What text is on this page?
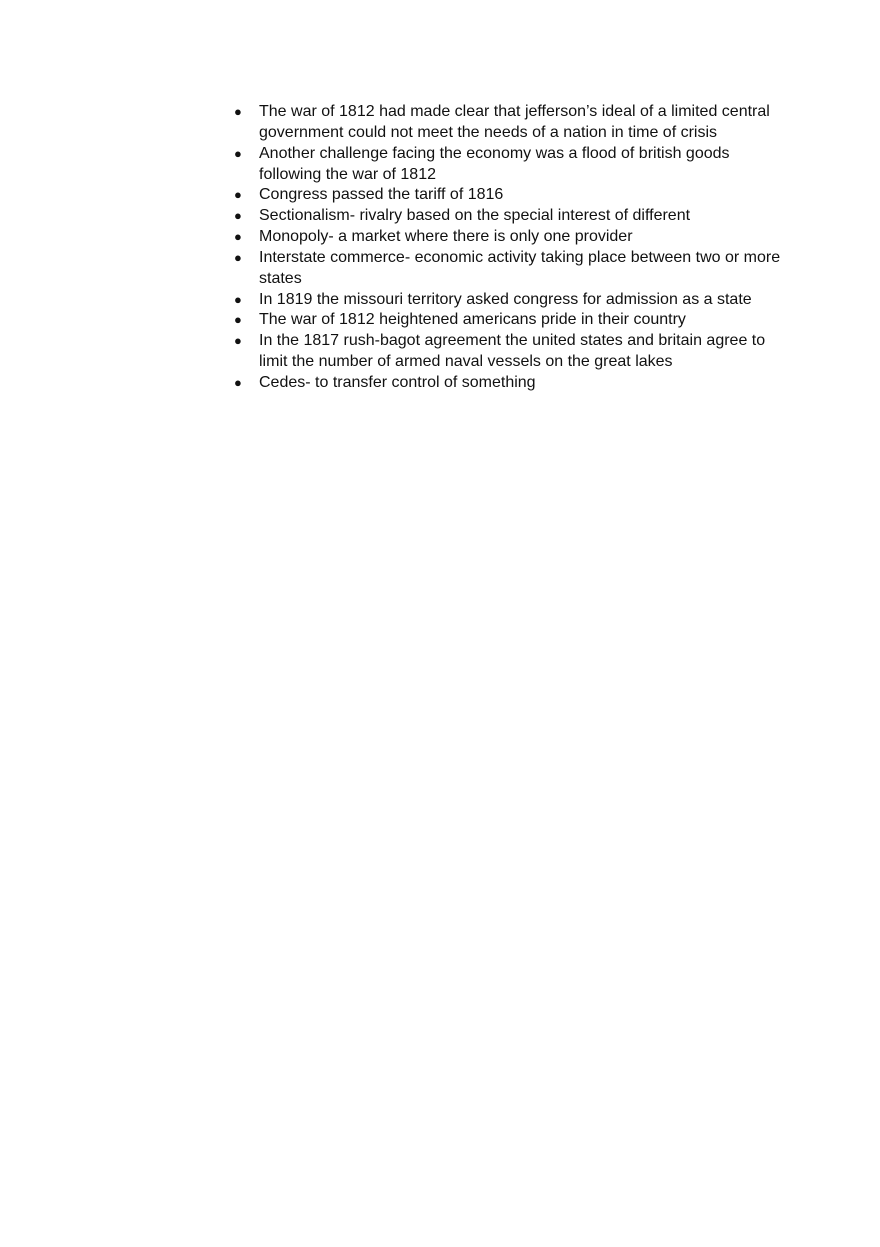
● The war of 1812 had made clear that jefferson’s ideal of a limited central
government could not meet the needs of a nation in time of crisis
● Another challenge facing the economy was a flood of british goods
following the war of 1812
● Congress passed the tariff of 1816
● Sectionalism- rivalry based on the special interest of different
● Monopoly- a market where there is only one provider
● Interstate commerce- economic activity taking place between two or more
states
● In 1819 the missouri territory asked congress for admission as a state
● The war of 1812 heightened americans pride in their country
● In the 1817 rush-bagot agreement the united states and britain agree to
limit the number of armed naval vessels on the great lakes
● Cedes- to transfer control of something
